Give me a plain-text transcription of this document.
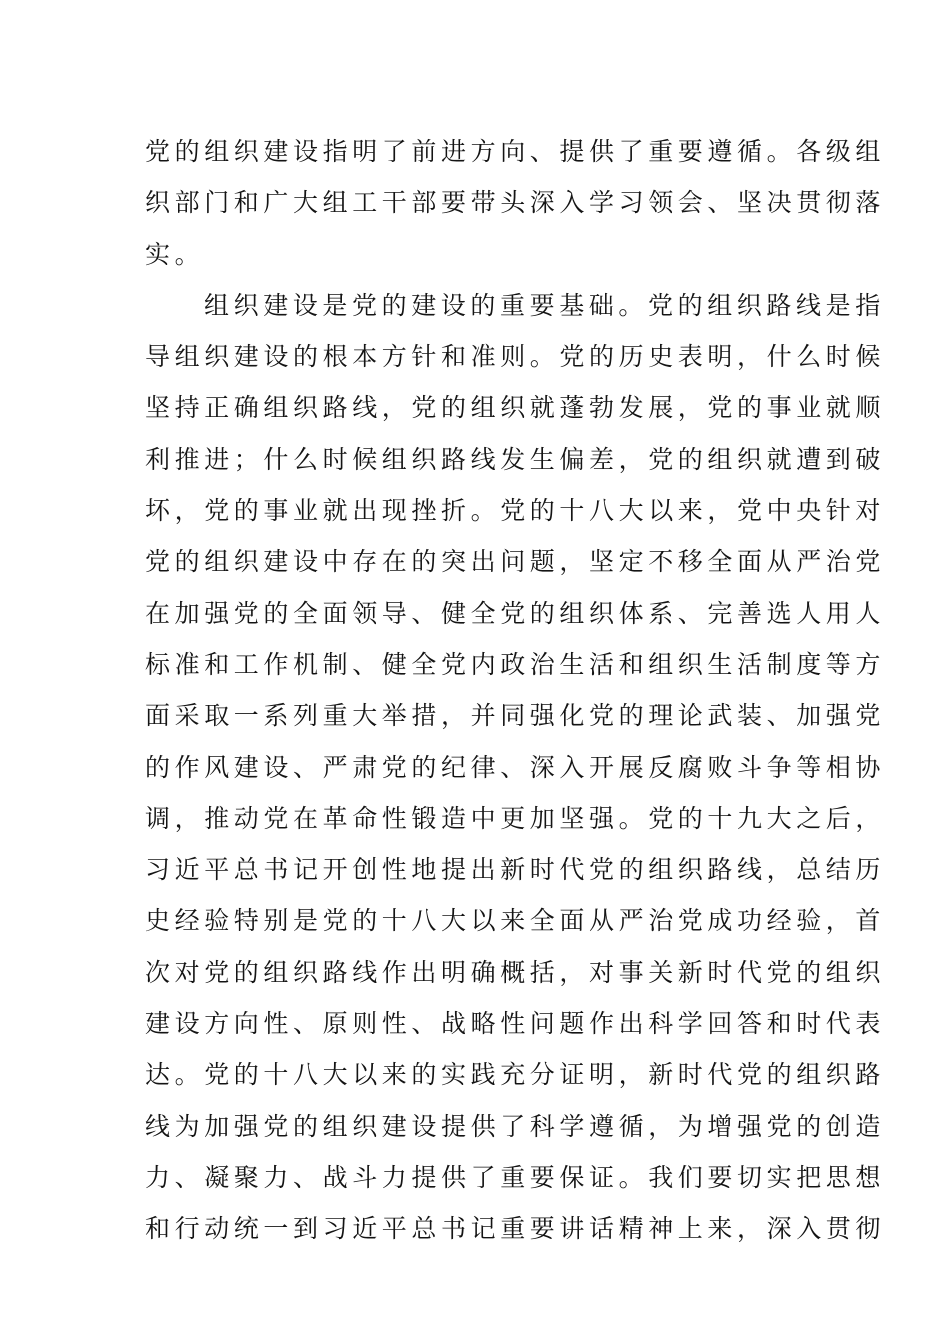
党的组织建设指明了前进方向、提供了重要遵循。各级组
织部门和广大组工干部要带头深入学习领会、坚决贯彻落
实。
组织建设是党的建设的重要基础。党的组织路线是指
导组织建设的根本方针和准则。党的历史表明，什么时候
坚持正确组织路线，党的组织就蓬勃发展，党的事业就顺
利推进；什么时候组织路线发生偏差，党的组织就遭到破
坏，党的事业就出现挫折。党的十八大以来，党中央针对
党的组织建设中存在的突出问题，坚定不移全面从严治党
在加强党的全面领导、健全党的组织体系、完善选人用人
标准和工作机制、健全党内政治生活和组织生活制度等方
面采取一系列重大举措，并同强化党的理论武装、加强党
的作风建设、严肃党的纪律、深入开展反腐败斗争等相协
调，推动党在革命性锻造中更加坚强。党的十九大之后，
习近平总书记开创性地提出新时代党的组织路线，总结历
史经验特别是党的十八大以来全面从严治党成功经验，首
次对党的组织路线作出明确概括，对事关新时代党的组织
建设方向性、原则性、战略性问题作出科学回答和时代表
达。党的十八大以来的实践充分证明，新时代党的组织路
线为加强党的组织建设提供了科学遵循，为增强党的创造
力、凝聚力、战斗力提供了重要保证。我们要切实把思想
和行动统一到习近平总书记重要讲话精神上来，深入贯彻
